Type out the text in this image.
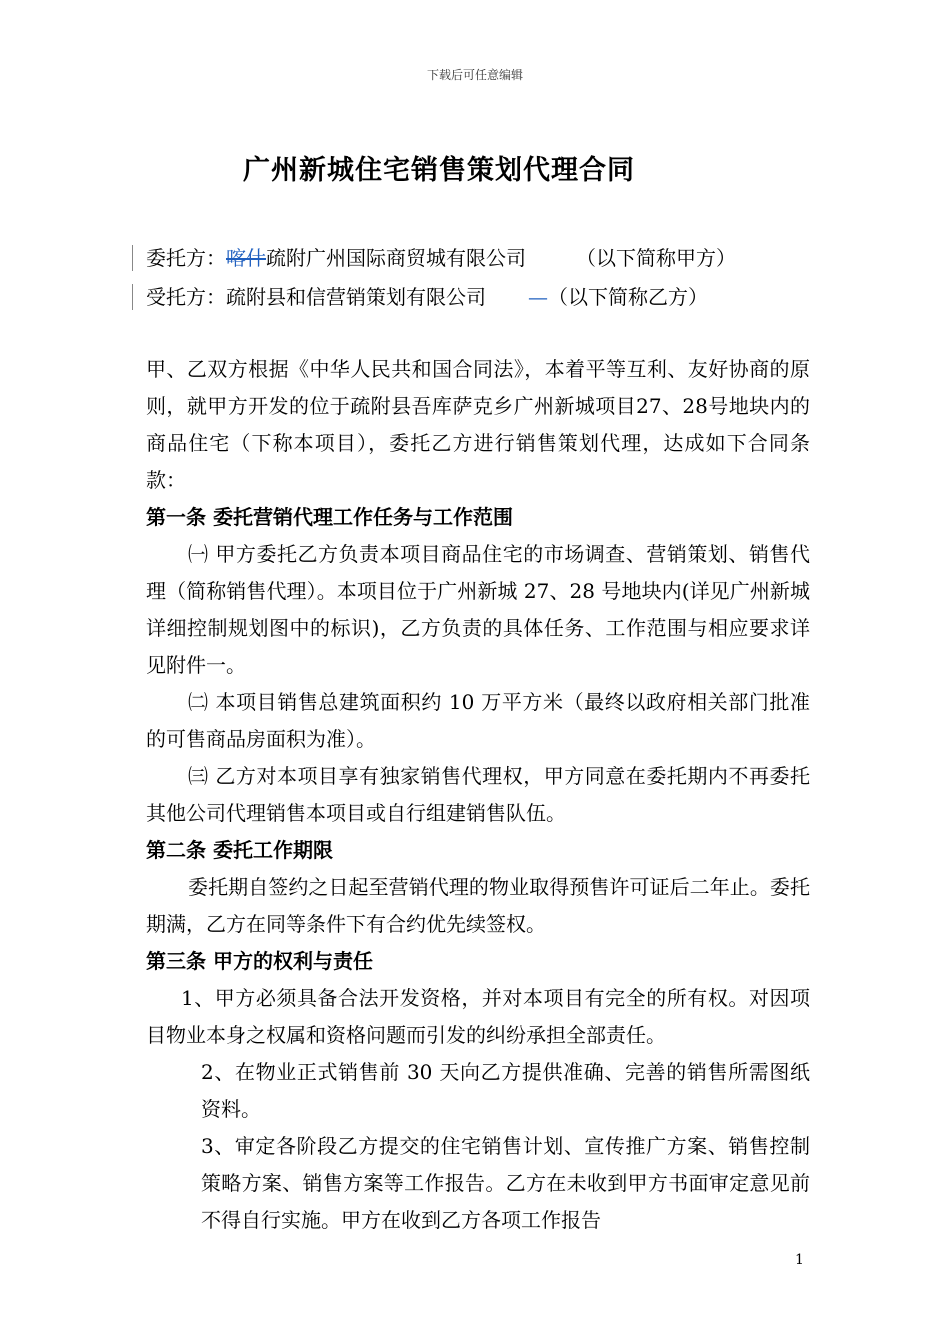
下载后可任意编辑
广州新城住宅销售策划代理合同
委托方：喀什疏附广州国际商贸城有限公司	（以下简称甲方）
受托方：疏附县和信营销策划有限公司 —（以下简称乙方）

甲、乙双方根据《中华人民共和国合同法》，本着平等互利、友好协商的原则，就甲方开发的位于疏附县吾库萨克乡广州新城项目27、28号地块内的商品住宅（下称本项目），委托乙方进行销售策划代理，达成如下合同条款：

第一条 委托营销代理工作任务与工作范围

㈠ 甲方委托乙方负责本项目商品住宅的市场调查、营销策划、销售代理（简称销售代理）。本项目位于广州新城 27、28 号地块内(详见广州新城详细控制规划图中的标识)，乙方负责的具体任务、工作范围与相应要求详见附件一。

㈡ 本项目销售总建筑面积约 10 万平方米（最终以政府相关部门批准的可售商品房面积为准）。

㈢ 乙方对本项目享有独家销售代理权，甲方同意在委托期内不再委托其他公司代理销售本项目或自行组建销售队伍。

第二条 委托工作期限

委托期自签约之日起至营销代理的物业取得预售许可证后二年止。委托期满，乙方在同等条件下有合约优先续签权。

第三条 甲方的权利与责任

1、甲方必须具备合法开发资格，并对本项目有完全的所有权。对因项目物业本身之权属和资格问题而引发的纠纷承担全部责任。

2、在物业正式销售前 30 天向乙方提供准确、完善的销售所需图纸资料。

3、审定各阶段乙方提交的住宅销售计划、宣传推广方案、销售控制策略方案、销售方案等工作报告。乙方在未收到甲方书面审定意见前不得自行实施。甲方在收到乙方各项工作报告

1
